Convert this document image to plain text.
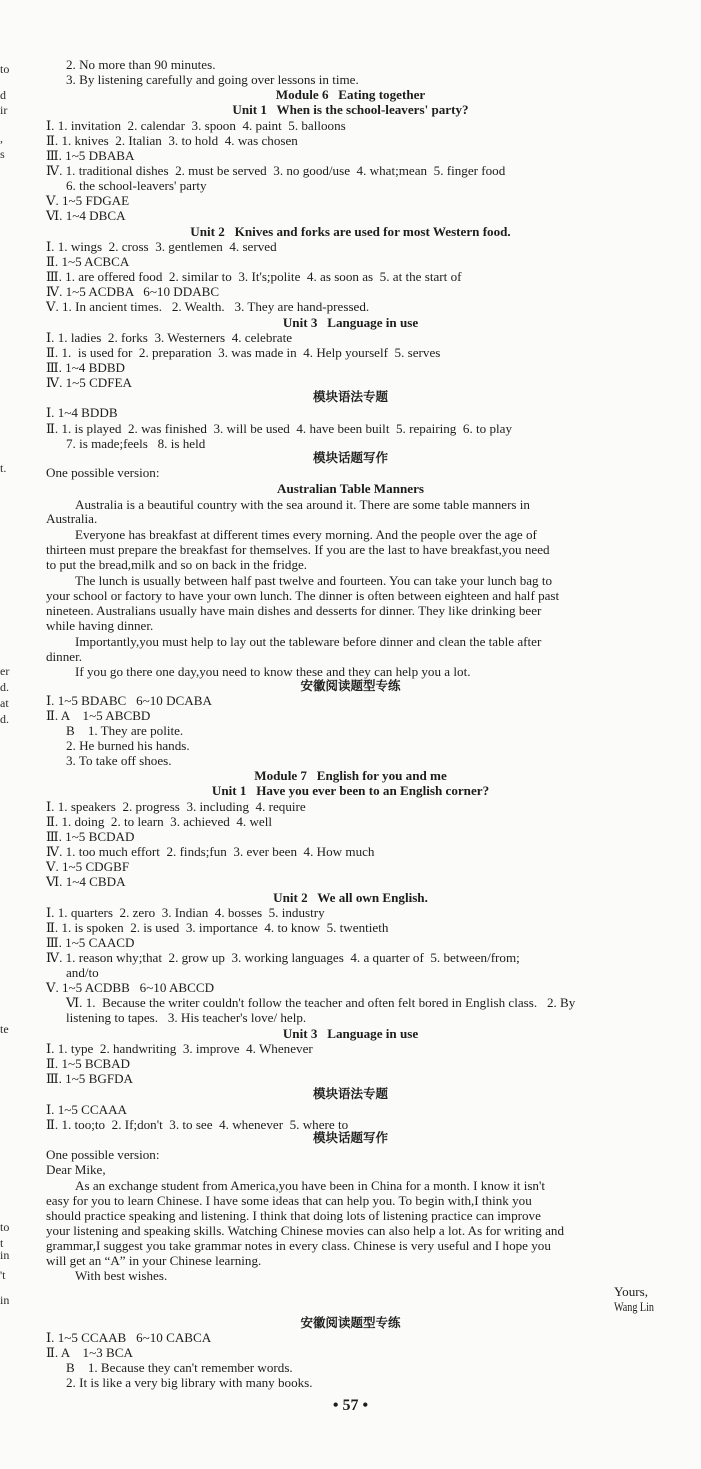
2. No more than 90 minutes.
3. By listening carefully and going over lessons in time.
Module 6   Eating together
Unit 1   When is the school-leavers' party?
Ⅰ. 1. invitation  2. calendar  3. spoon  4. paint  5. balloons
Ⅱ. 1. knives  2. Italian  3. to hold  4. was chosen
Ⅲ. 1~5 DBABA
Ⅳ. 1. traditional dishes  2. must be served  3. no good/use  4. what;mean  5. finger food
6. the school-leavers' party
Ⅴ. 1~5 FDGAE
Ⅵ. 1~4 DBCA
Unit 2   Knives and forks are used for most Western food.
Ⅰ. 1. wings  2. cross  3. gentlemen  4. served
Ⅱ. 1~5 ACBCA
Ⅲ. 1. are offered food  2. similar to  3. It's;polite  4. as soon as  5. at the start of
Ⅳ. 1~5 ACDBA   6~10 DDABC
Ⅴ. 1. In ancient times.   2. Wealth.   3. They are hand-pressed.
Unit 3   Language in use
Ⅰ. 1. ladies  2. forks  3. Westerners  4. celebrate
Ⅱ. 1.  is used for  2. preparation  3. was made in  4. Help yourself  5. serves
Ⅲ. 1~4 BDBD
Ⅳ. 1~5 CDFEA
模块语法专题
Ⅰ. 1~4 BDDB
Ⅱ. 1. is played  2. was finished  3. will be used  4. have been built  5. repairing  6. to play
7. is made;feels   8. is held
模块话题写作
One possible version:
Australian Table Manners
Australia is a beautiful country with the sea around it. There are some table manners in
Australia.
Everyone has breakfast at different times every morning. And the people over the age of
thirteen must prepare the breakfast for themselves. If you are the last to have breakfast,you need
to put the bread,milk and so on back in the fridge.
The lunch is usually between half past twelve and fourteen. You can take your lunch bag to
your school or factory to have your own lunch. The dinner is often between eighteen and half past
nineteen. Australians usually have main dishes and desserts for dinner. They like drinking beer
while having dinner.
Importantly,you must help to lay out the tableware before dinner and clean the table after
dinner.
If you go there one day,you need to know these and they can help you a lot.
安徽阅读题型专练
Ⅰ. 1~5 BDABC   6~10 DCABA
Ⅱ. A    1~5 ABCBD
B    1. They are polite.
2. He burned his hands.
3. To take off shoes.
Module 7   English for you and me
Unit 1   Have you ever been to an English corner?
Ⅰ. 1. speakers  2. progress  3. including  4. require
Ⅱ. 1. doing  2. to learn  3. achieved  4. well
Ⅲ. 1~5 BCDAD
Ⅳ. 1. too much effort  2. finds;fun  3. ever been  4. How much
Ⅴ. 1~5 CDGBF
Ⅵ. 1~4 CBDA
Unit 2   We all own English.
Ⅰ. 1. quarters  2. zero  3. Indian  4. bosses  5. industry
Ⅱ. 1. is spoken  2. is used  3. importance  4. to know  5. twentieth
Ⅲ. 1~5 CAACD
Ⅳ. 1. reason why;that  2. grow up  3. working languages  4. a quarter of  5. between/from;
and/to
Ⅴ. 1~5 ACDBB   6~10 ABCCD
Ⅵ. 1.  Because the writer couldn't follow the teacher and often felt bored in English class.   2. By
listening to tapes.   3. His teacher's love/ help.
Unit 3   Language in use
Ⅰ. 1. type  2. handwriting  3. improve  4. Whenever
Ⅱ. 1~5 BCBAD
Ⅲ. 1~5 BGFDA
模块语法专题
Ⅰ. 1~5 CCAAA
Ⅱ. 1. too;to  2. If;don't  3. to see  4. whenever  5. where to
模块话题写作
One possible version:
Dear Mike,
As an exchange student from America,you have been in China for a month. I know it isn't
easy for you to learn Chinese. I have some ideas that can help you. To begin with,I think you
should practice speaking and listening. I think that doing lots of listening practice can improve
your listening and speaking skills. Watching Chinese movies can also help a lot. As for writing and
grammar,I suggest you take grammar notes in every class. Chinese is very useful and I hope you
will get an “A” in your Chinese learning.
With best wishes.
Yours,
Wang Lin
安徽阅读题型专练
Ⅰ. 1~5 CCAAB   6~10 CABCA
Ⅱ. A    1~3 BCA
B    1. Because they can't remember words.
2. It is like a very big library with many books.
to
d
ir
,
s
t.
er
d.
at
d.
te
to
t
in
't
in
• 57 •
